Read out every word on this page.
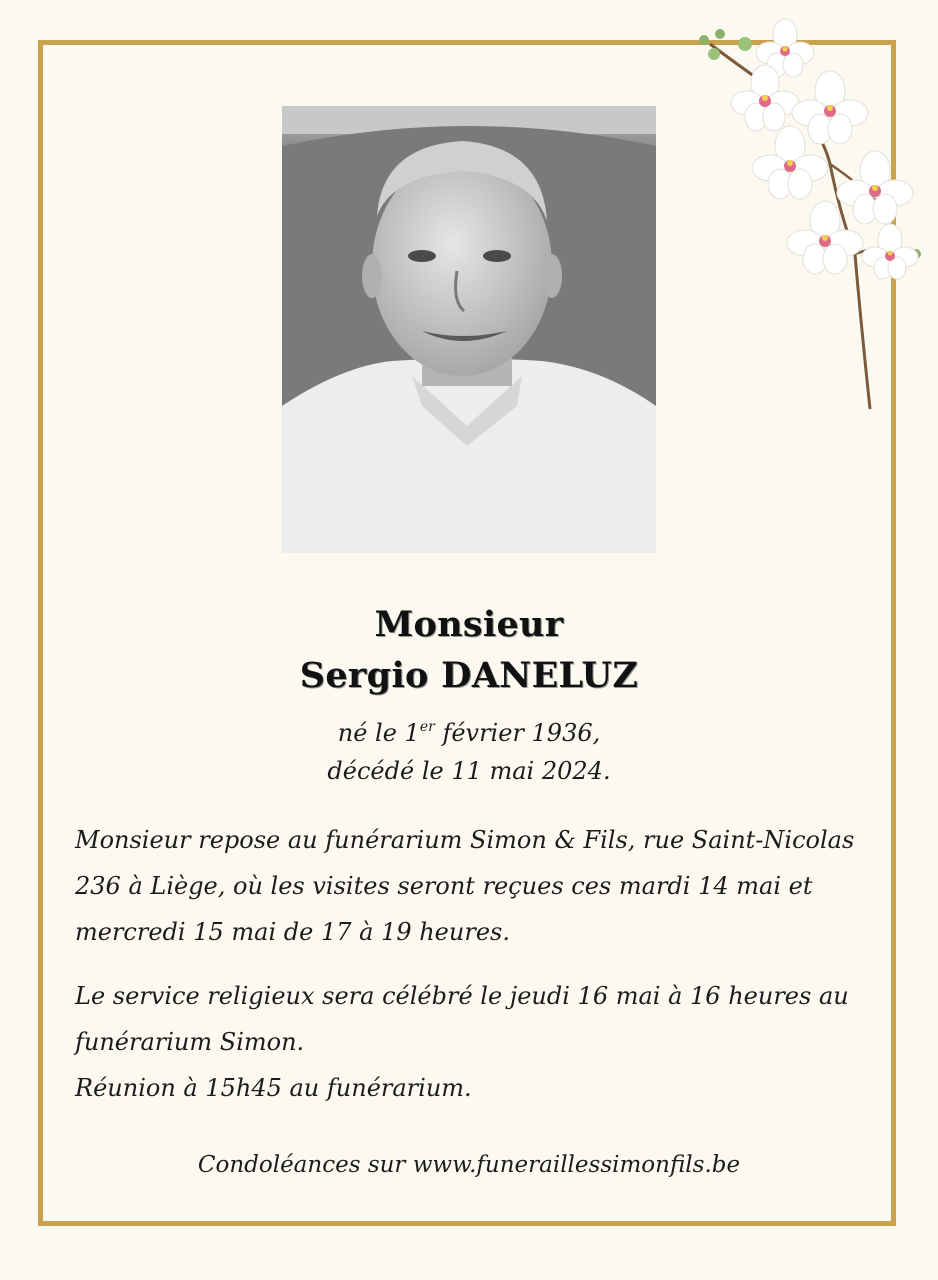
Monsieur
Sergio DANELUZ
né le 1er février 1936,
décédé le 11 mai 2024.

Monsieur repose au funérarium Simon & Fils, rue Saint-Nicolas
236 à Liège, où les visites seront reçues ces mardi 14 mai et
mercredi 15 mai de 17 à 19 heures.

Le service religieux sera célébré le jeudi 16 mai à 16 heures au
funérarium Simon.
Réunion à 15h45 au funérarium.

Condoléances sur www.funeraillessimonfils.be
